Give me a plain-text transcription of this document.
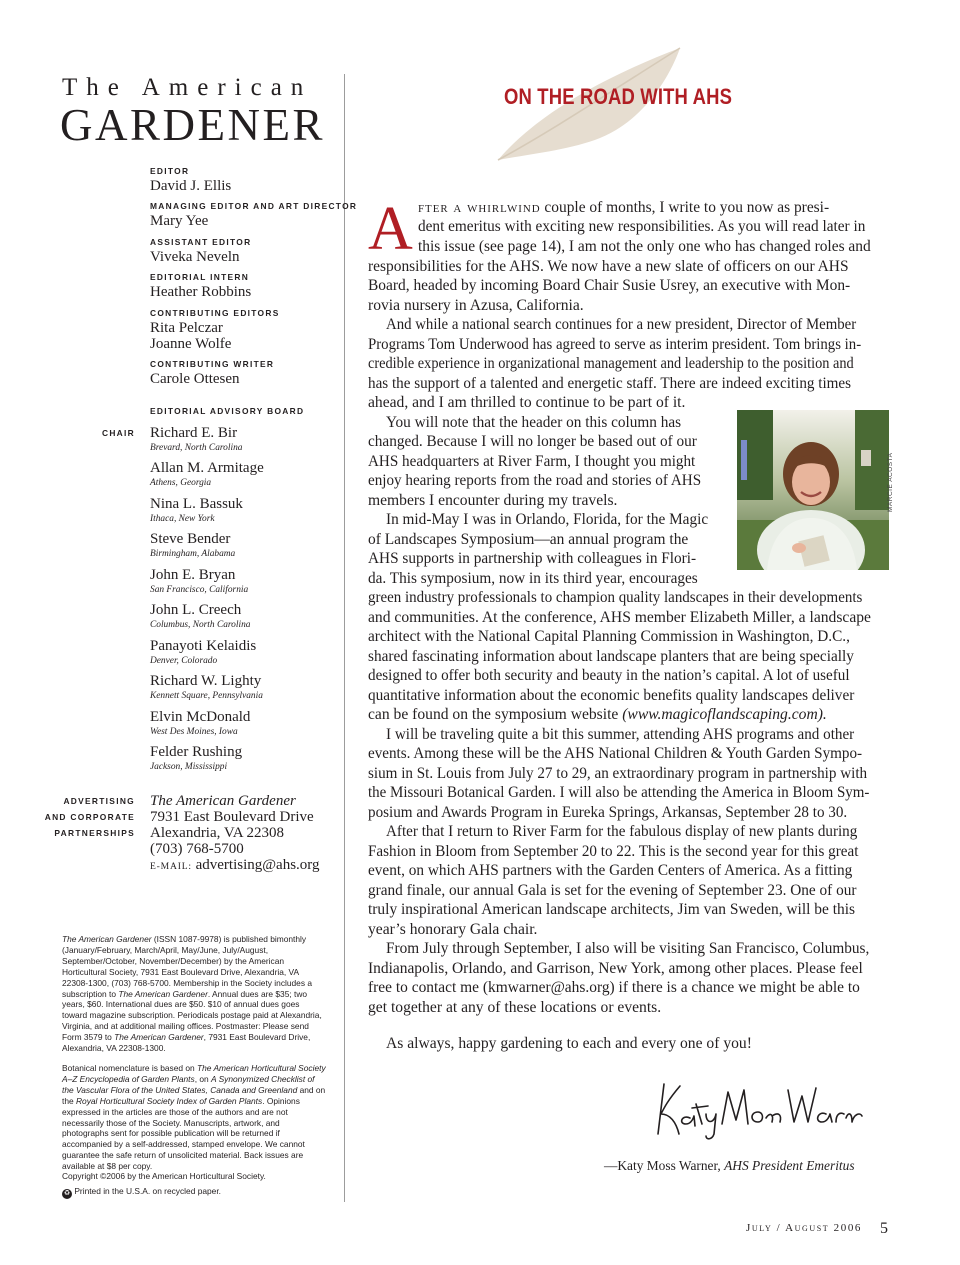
The American
GARDENER
EDITOR
David J. Ellis
MANAGING EDITOR AND ART DIRECTOR
Mary Yee
ASSISTANT EDITOR
Viveka Neveln
EDITORIAL INTERN
Heather Robbins
CONTRIBUTING EDITORS
Rita Pelczar
Joanne Wolfe
CONTRIBUTING WRITER
Carole Ottesen
EDITORIAL ADVISORY BOARD
CHAIR Richard E. Bir
Brevard, North Carolina
Allan M. Armitage
Athens, Georgia
Nina L. Bassuk
Ithaca, New York
Steve Bender
Birmingham, Alabama
John E. Bryan
San Francisco, California
John L. Creech
Columbus, North Carolina
Panayoti Kelaidis
Denver, Colorado
Richard W. Lighty
Kennett Square, Pennsylvania
Elvin McDonald
West Des Moines, Iowa
Felder Rushing
Jackson, Mississippi
ADVERTISING
AND CORPORATE
PARTNERSHIPS
The American Gardener
7931 East Boulevard Drive
Alexandria, VA 22308
(703) 768-5700
E-MAIL: advertising@ahs.org

The American Gardener (ISSN 1087-9978) is published bimonthly (January/February, March/April, May/June, July/August, September/October, November/December) by the American Horticultural Society, 7931 East Boulevard Drive, Alexandria, VA 22308-1300, (703) 768-5700. Membership in the Society includes a subscription to The American Gardener. Annual dues are $35; two years, $60. International dues are $50. $10 of annual dues goes toward magazine subscription. Periodicals postage paid at Alexandria, Virginia, and at additional mailing offices. Postmaster: Please send Form 3579 to The American Gardener, 7931 East Boulevard Drive, Alexandria, VA 22308-1300.

Botanical nomenclature is based on The American Horticultural Society A–Z Encyclopedia of Garden Plants, on A Synonymized Checklist of the Vascular Flora of the United States, Canada and Greenland and on the Royal Horticultural Society Index of Garden Plants. Opinions expressed in the articles are those of the authors and are not necessarily those of the Society. Manuscripts, artwork, and photographs sent for possible publication will be returned if accompanied by a self-addressed, stamped envelope. We cannot guarantee the safe return of unsolicited material. Back issues are available at $8 per copy.

Copyright ©2006 by the American Horticultural Society.
♻ Printed in the U.S.A. on recycled paper.
ON THE ROAD WITH AHS
A fter a whirlwind couple of months, I write to you now as presi-
dent emeritus with exciting new responsibilities. As you will read later in
this issue (see page 14), I am not the only one who has changed roles and
responsibilities for the AHS. We now have a new slate of officers on our AHS
Board, headed by incoming Board Chair Susie Usrey, an executive with Mon-
rovia nursery in Azusa, California.
And while a national search continues for a new president, Director of Member
Programs Tom Underwood has agreed to serve as interim president. Tom brings in-
credible experience in organizational management and leadership to the position and
has the support of a talented and energetic staff. There are indeed exciting times
ahead, and I am thrilled to continue to be part of it.
You will note that the header on this column has
changed. Because I will no longer be based out of our
AHS headquarters at River Farm, I thought you might
enjoy hearing reports from the road and stories of AHS
members I encounter during my travels.
In mid-May I was in Orlando, Florida, for the Magic
of Landscapes Symposium—an annual program the
AHS supports in partnership with colleagues in Flori-
da. This symposium, now in its third year, encourages
green industry professionals to champion quality landscapes in their developments
and communities. At the conference, AHS member Elizabeth Miller, a landscape
architect with the National Capital Planning Commission in Washington, D.C.,
shared fascinating information about landscape planters that are being specially
designed to offer both security and beauty in the nation’s capital. A lot of useful
quantitative information about the economic benefits quality landscapes deliver
can be found on the symposium website (www.magicoflandscaping.com).
I will be traveling quite a bit this summer, attending AHS programs and other
events. Among these will be the AHS National Children & Youth Garden Sympo-
sium in St. Louis from July 27 to 29, an extraordinary program in partnership with
the Missouri Botanical Garden. I will also be attending the America in Bloom Sym-
posium and Awards Program in Eureka Springs, Arkansas, September 28 to 30.
After that I return to River Farm for the fabulous display of new plants during
Fashion in Bloom from September 20 to 22. This is the second year for this great
event, on which AHS partners with the Garden Centers of America. As a fitting
grand finale, our annual Gala is set for the evening of September 23. One of our
truly inspirational American landscape architects, Jim van Sweden, will be this
year’s honorary Gala chair.
From July through September, I also will be visiting San Francisco, Columbus,
Indianapolis, Orlando, and Garrison, New York, among other places. Please feel
free to contact me (kmwarner@ahs.org) if there is a chance we might be able to
get together at any of these locations or events.
As always, happy gardening to each and every one of you!
MARCIE ACOSTA
—Katy Moss Warner, AHS President Emeritus
July / August 2006 5
